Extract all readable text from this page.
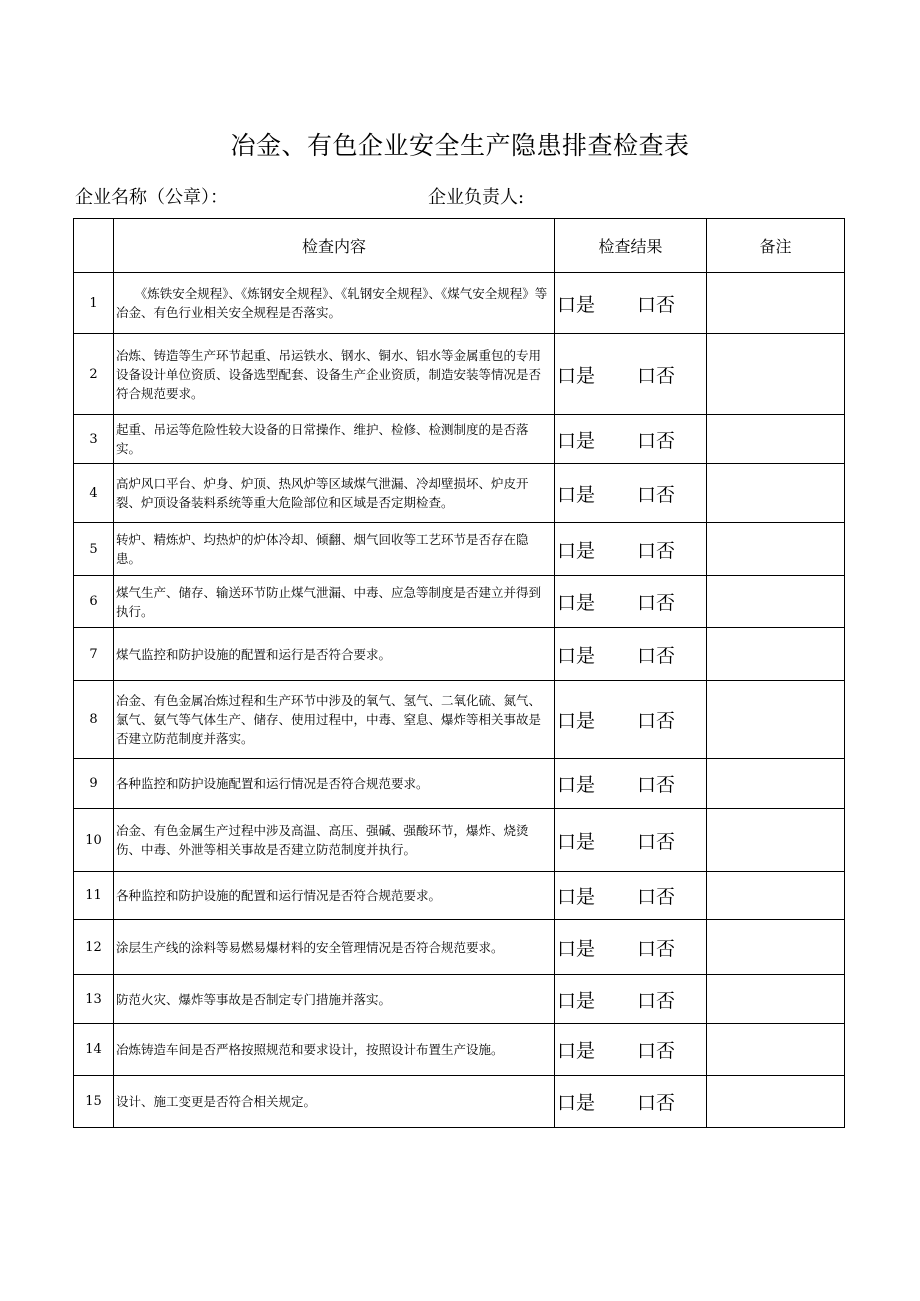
冶金、有色企业安全生产隐患排查检查表
企业名称（公章）：	企业负责人:
	检查内容	检查结果	备注
1	　　《炼铁安全规程》、《炼钢安全规程》、《轧钢安全规程》、《煤气安全规程》等冶金、有色行业相关安全规程是否落实。	口是 口否	
2	冶炼、铸造等生产环节起重、吊运铁水、钢水、铜水、铝水等金属重包的专用设备设计单位资质、设备选型配套、设备生产企业资质，制造安装等情况是否符合规范要求。	口是 口否	
3	起重、吊运等危险性较大设备的日常操作、维护、检修、检测制度的是否落实。	口是 口否	
4	高炉风口平台、炉身、炉顶、热风炉等区域煤气泄漏、冷却壁损坏、炉皮开裂、炉顶设备装料系统等重大危险部位和区域是否定期检查。	口是 口否	
5	转炉、精炼炉、均热炉的炉体冷却、倾翻、烟气回收等工艺环节是否存在隐患。	口是 口否	
6	煤气生产、储存、输送环节防止煤气泄漏、中毒、应急等制度是否建立并得到执行。	口是 口否	
7	煤气监控和防护设施的配置和运行是否符合要求。	口是 口否	
8	冶金、有色金属冶炼过程和生产环节中涉及的氧气、氢气、二氧化硫、氮气、氯气、氨气等气体生产、储存、使用过程中，中毒、窒息、爆炸等相关事故是否建立防范制度并落实。	口是 口否	
9	各种监控和防护设施配置和运行情况是否符合规范要求。	口是 口否	
10	冶金、有色金属生产过程中涉及高温、高压、强碱、强酸环节，爆炸、烧烫伤、中毒、外泄等相关事故是否建立防范制度并执行。	口是 口否	
11	各种监控和防护设施的配置和运行情况是否符合规范要求。	口是 口否	
12	涂层生产线的涂料等易燃易爆材料的安全管理情况是否符合规范要求。	口是 口否	
13	防范火灾、爆炸等事故是否制定专门措施并落实。	口是 口否	
14	冶炼铸造车间是否严格按照规范和要求设计，按照设计布置生产设施。	口是 口否	
15	设计、施工变更是否符合相关规定。	口是 口否	
